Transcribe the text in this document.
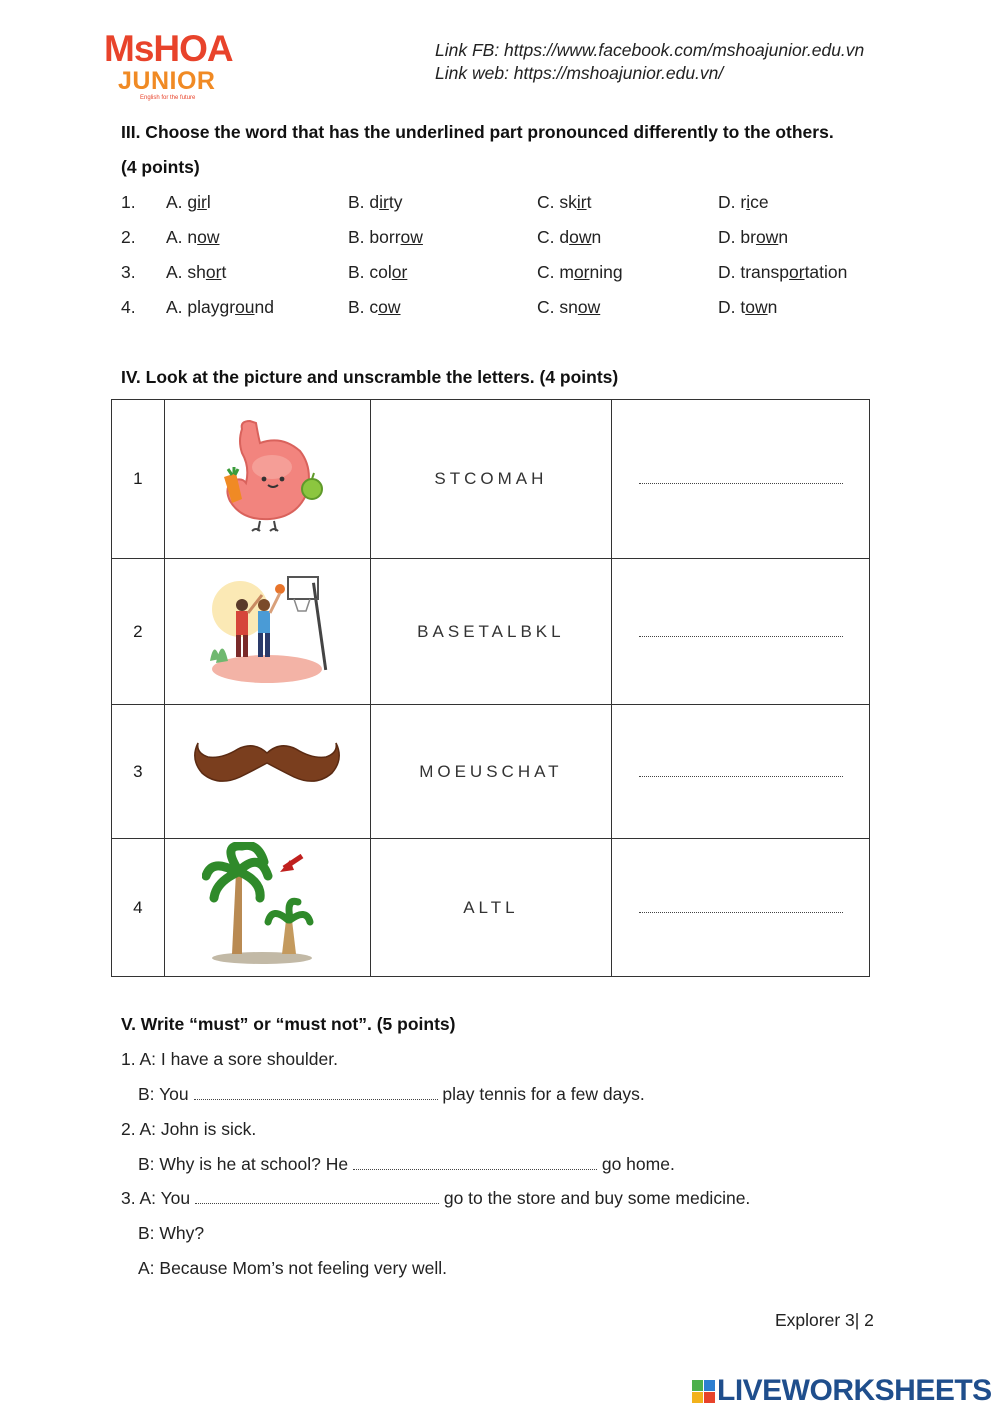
MsHOA
JUNIOR
English for the future
Link FB: https://www.facebook.com/mshoajunior.edu.vn
Link web: https://mshoajunior.edu.vn/
III. Choose the word that has the underlined part pronounced differently to the others.
(4 points)
1. A. girl	B. dirty	C. skirt	D. rice
2. A. now	B. borrow	C. down	D. brown
3. A. short	B. color	C. morning	D. transportation
4. A. playground	B. cow	C. snow	D. town
IV. Look at the picture and unscramble the letters. (4 points)
1		STCOMAH	
2		BASETALBKL	
3		MOEUSCHAT	
4		ALTL	
V. Write “must” or “must not”. (5 points)
1. A: I have a sore shoulder.
B: You	play tennis for a few days.
2. A: John is sick.
B: Why is he at school? He	go home.
3. A: You	go to the store and buy some medicine.
B: Why?
A: Because Mom’s not feeling very well.
Explorer 3| 2
LIVEWORKSHEETS
